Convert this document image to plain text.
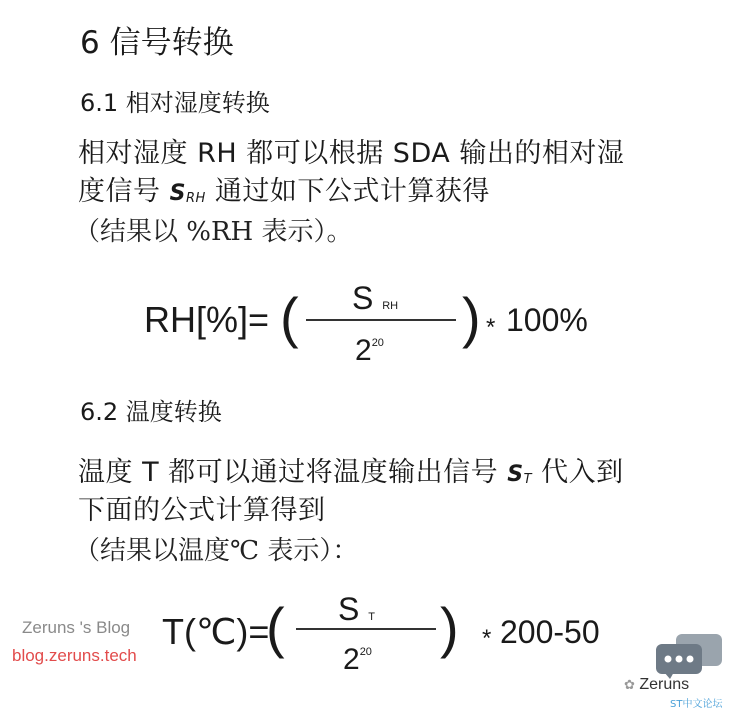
6 信号转换
6.1 相对湿度转换
相对湿度 RH 都可以根据 SDA 输出的相对湿
度信号 $S_{RH}$ 通过如下公式计算获得
（结果以 %RH 表示）。
RH[%]= ( S RH
$2^{20}$ ) * 100%
6.2 温度转换
温度 T 都可以通过将温度输出信号 $S_T$ 代入到
下面的公式计算得到
（结果以温度℃ 表示）：
T(℃)=
( S T
$2^{20}$ ) * 200-50
Zeruns 's Blog
blog.zeruns.tech
✿ Zeruns
ST中文论坛
